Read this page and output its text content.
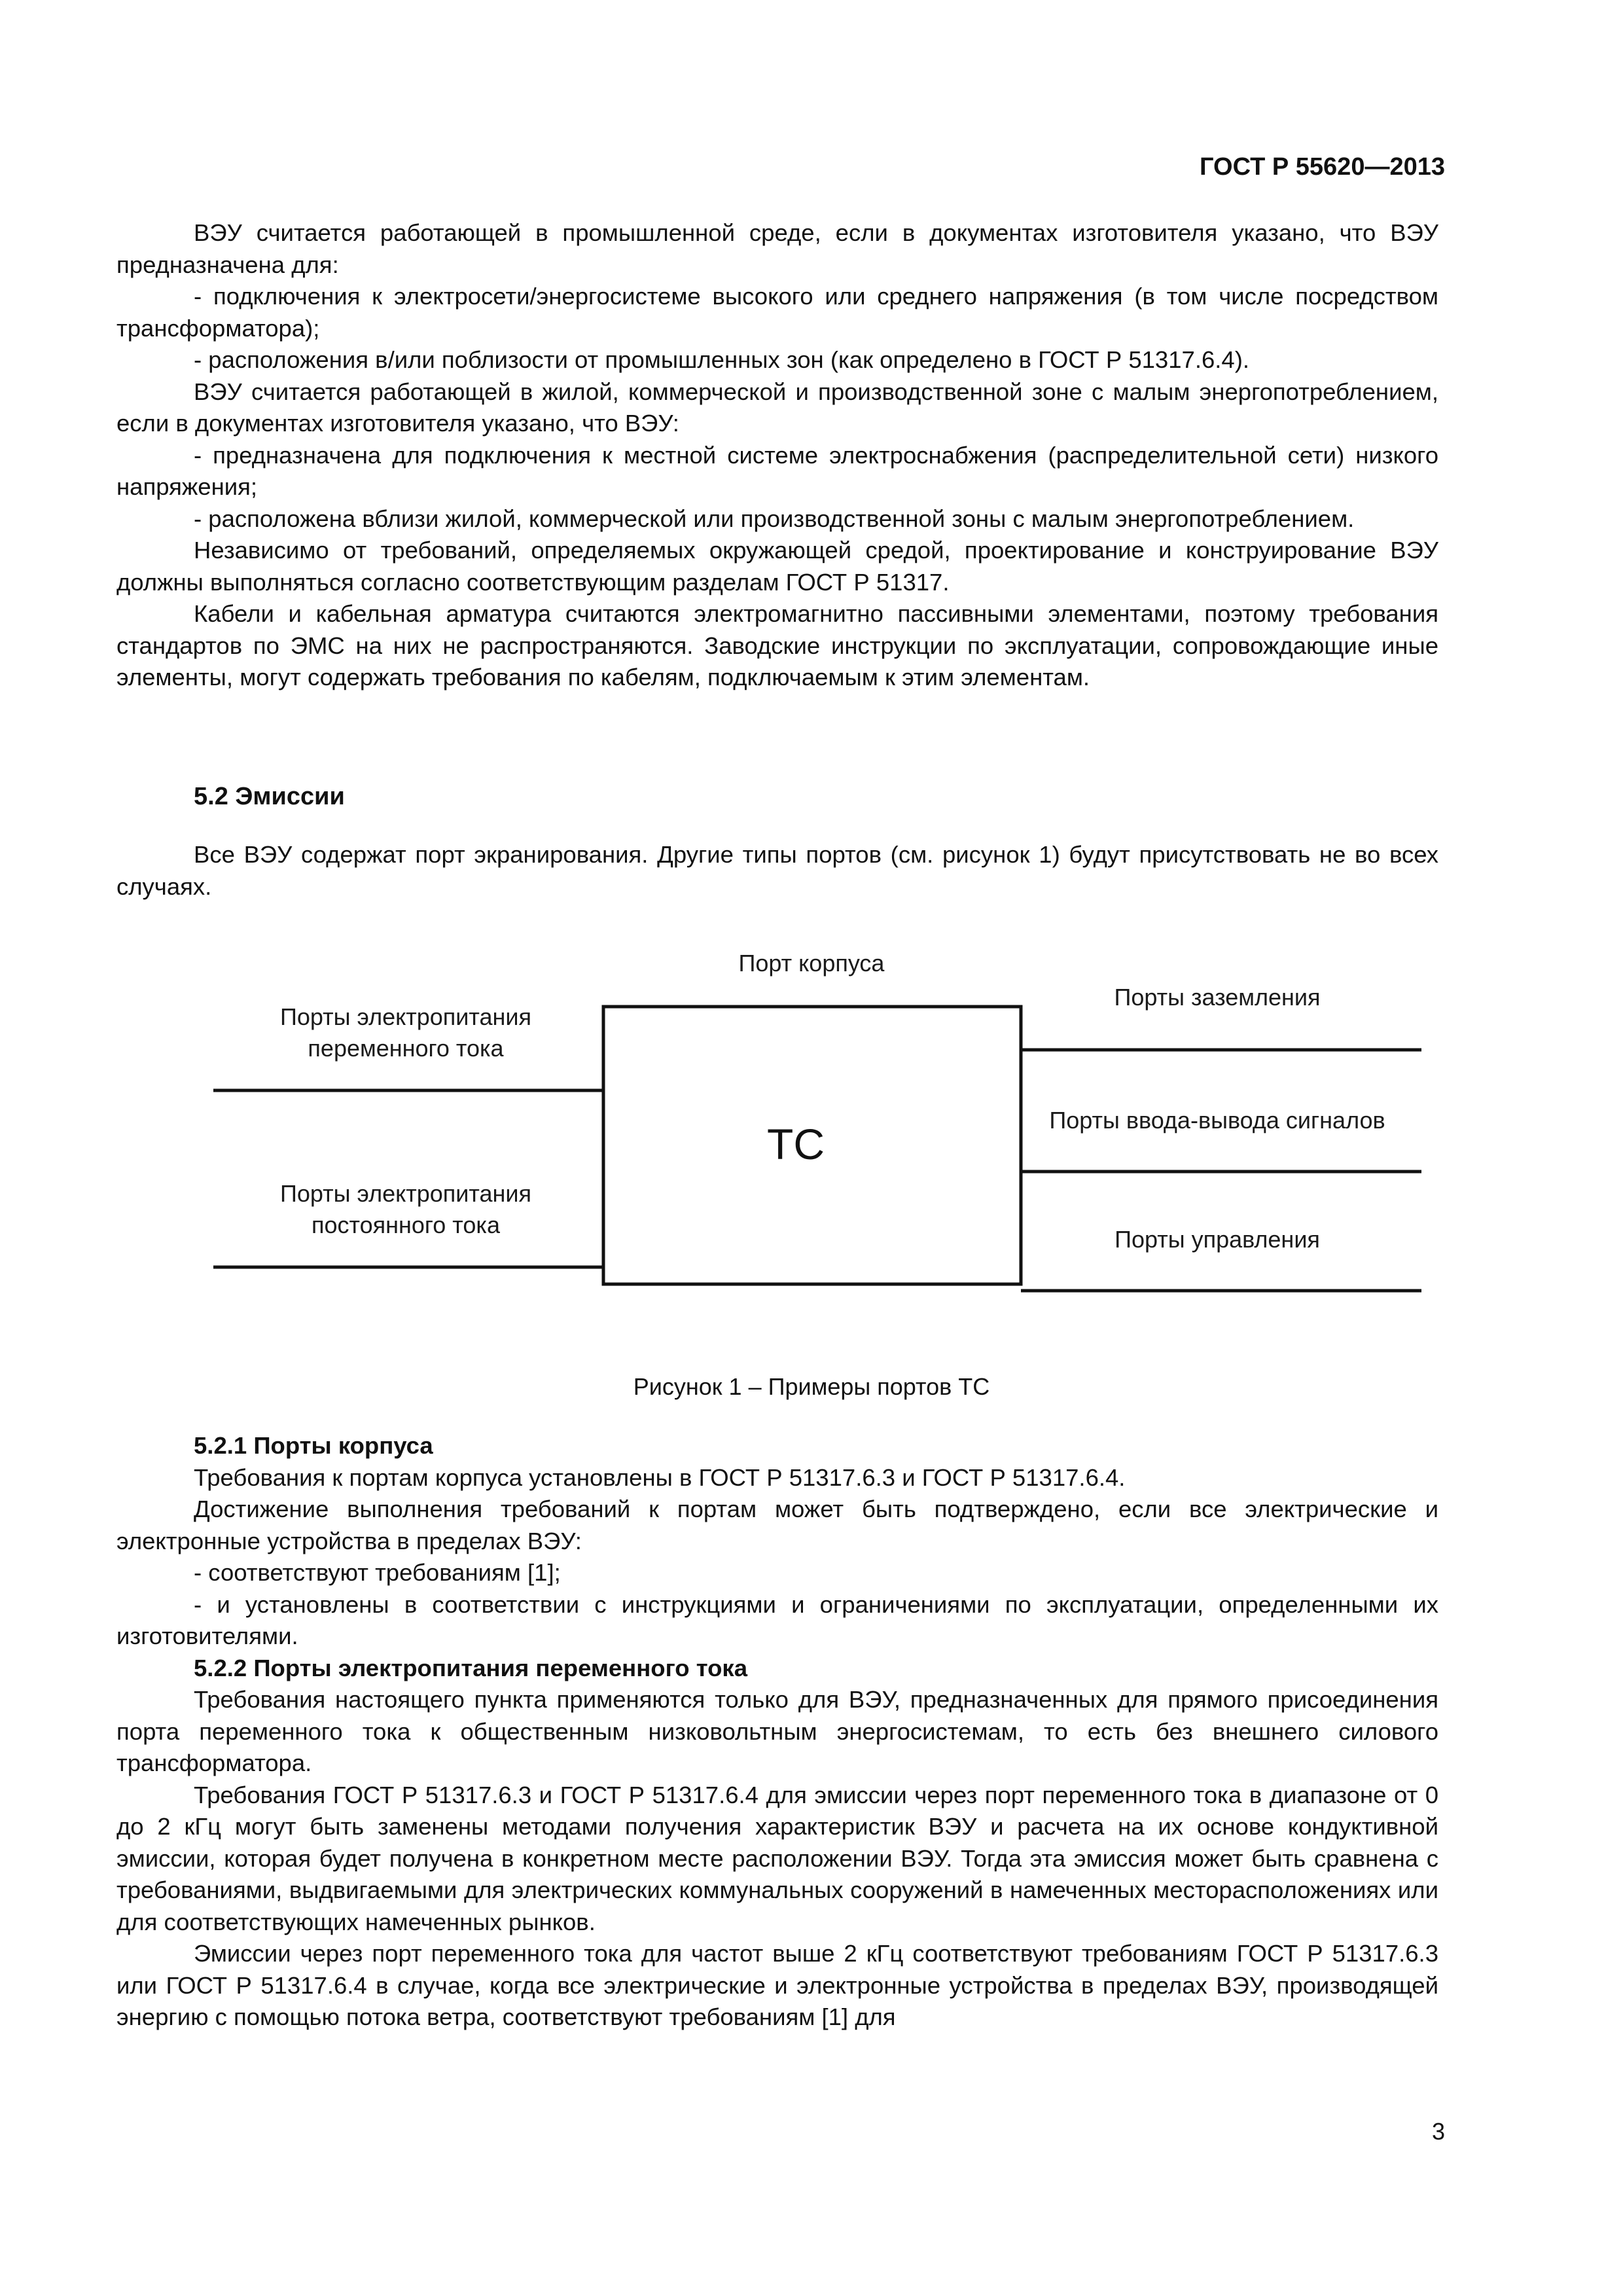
ГОСТ Р 55620—2013

ВЭУ считается работающей в промышленной среде, если в документах изготовителя указано, что ВЭУ предназначена для:

- подключения к электросети/энергосистеме высокого или среднего напряжения (в том числе посредством трансформатора);

- расположения в/или поблизости от промышленных зон (как определено в ГОСТ Р 51317.6.4).

ВЭУ считается работающей в жилой, коммерческой и производственной зоне с малым энергопотреблением, если в документах изготовителя указано, что ВЭУ:

- предназначена для подключения к местной системе электроснабжения (распределительной сети) низкого напряжения;

- расположена вблизи жилой, коммерческой или производственной зоны с малым энергопотреблением.

Независимо от требований, определяемых окружающей средой, проектирование и конструирование ВЭУ должны выполняться согласно соответствующим разделам ГОСТ Р 51317.

Кабели и кабельная арматура считаются электромагнитно пассивными элементами, поэтому требования стандартов по ЭМС на них не распространяются. Заводские инструкции по эксплуатации, сопровождающие иные элементы, могут содержать требования по кабелям, подключаемым к этим элементам.

5.2 Эмиссии

Все ВЭУ содержат порт экранирования. Другие типы портов (см. рисунок 1) будут присутствовать не во всех случаях.

Порт корпуса
Порты электропитания переменного тока
Порты электропитания постоянного тока
Порты заземления
Порты ввода-вывода сигналов
Порты управления
ТС
Рисунок 1 – Примеры портов ТС

5.2.1 Порты корпуса

Требования к портам корпуса установлены в ГОСТ Р 51317.6.3 и ГОСТ Р 51317.6.4.

Достижение выполнения требований к портам может быть подтверждено, если все электрические и электронные устройства в пределах ВЭУ:

- соответствуют требованиям [1];

- и установлены в соответствии с инструкциями и ограничениями по эксплуатации, определенными их изготовителями.

5.2.2 Порты электропитания переменного тока

Требования настоящего пункта применяются только для ВЭУ, предназначенных для прямого присоединения порта переменного тока к общественным низковольтным энергосистемам, то есть без внешнего силового трансформатора.

Требования ГОСТ Р 51317.6.3 и ГОСТ Р 51317.6.4 для эмиссии через порт переменного тока в диапазоне от 0 до 2 кГц могут быть заменены методами получения характеристик ВЭУ и расчета на их основе кондуктивной эмиссии, которая будет получена в конкретном месте расположении ВЭУ. Тогда эта эмиссия может быть сравнена с требованиями, выдвигаемыми для электрических коммунальных сооружений в намеченных месторасположениях или для соответствующих намеченных рынков.

Эмиссии через порт переменного тока для частот выше 2 кГц соответствуют требованиям ГОСТ Р 51317.6.3 или ГОСТ Р 51317.6.4 в случае, когда все электрические и электронные устройства в пределах ВЭУ, производящей энергию с помощью потока ветра, соответствуют требованиям [1] для

3
